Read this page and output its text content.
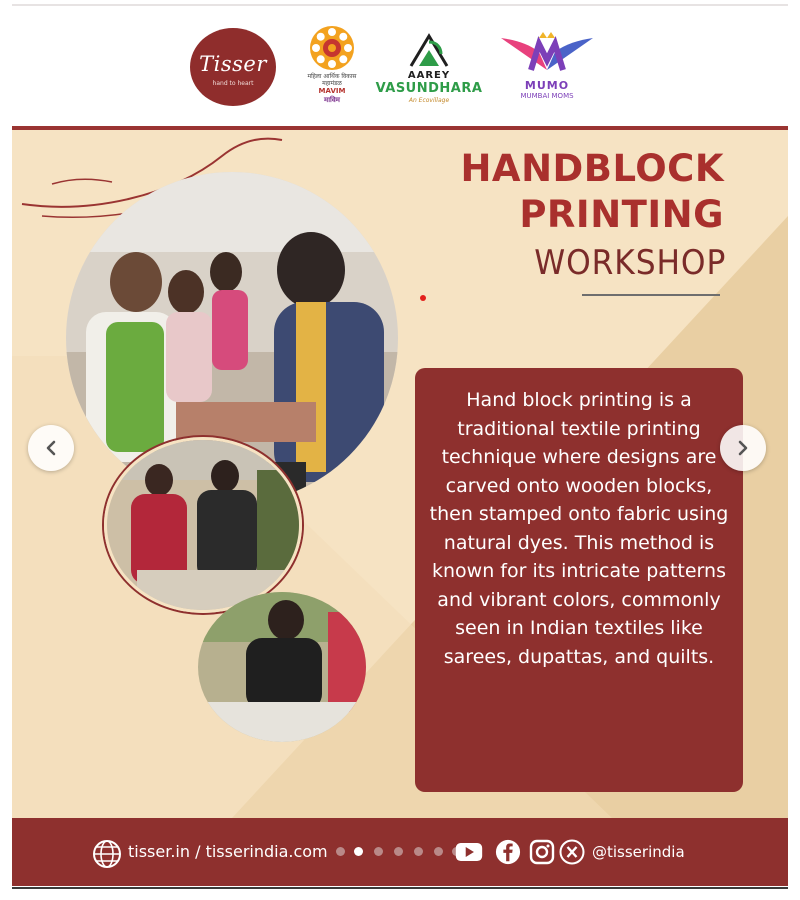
Tisser
hand to heart
महिला आर्थिक विकास महामंडळ
MAVIM
माविम
AAREY
VASUNDHARA
An Ecovillage
MUMO
MUMBAI MOMS
HANDBLOCK
PRINTING
WORKSHOP

Hand block printing is a traditional textile printing technique where designs are carved onto wooden blocks, then stamped onto fabric using natural dyes. This method is known for its intricate patterns and vibrant colors, commonly seen in Indian textiles like sarees, dupattas, and quilts.

tisser.in / tisserindia.com	@tisserindia
